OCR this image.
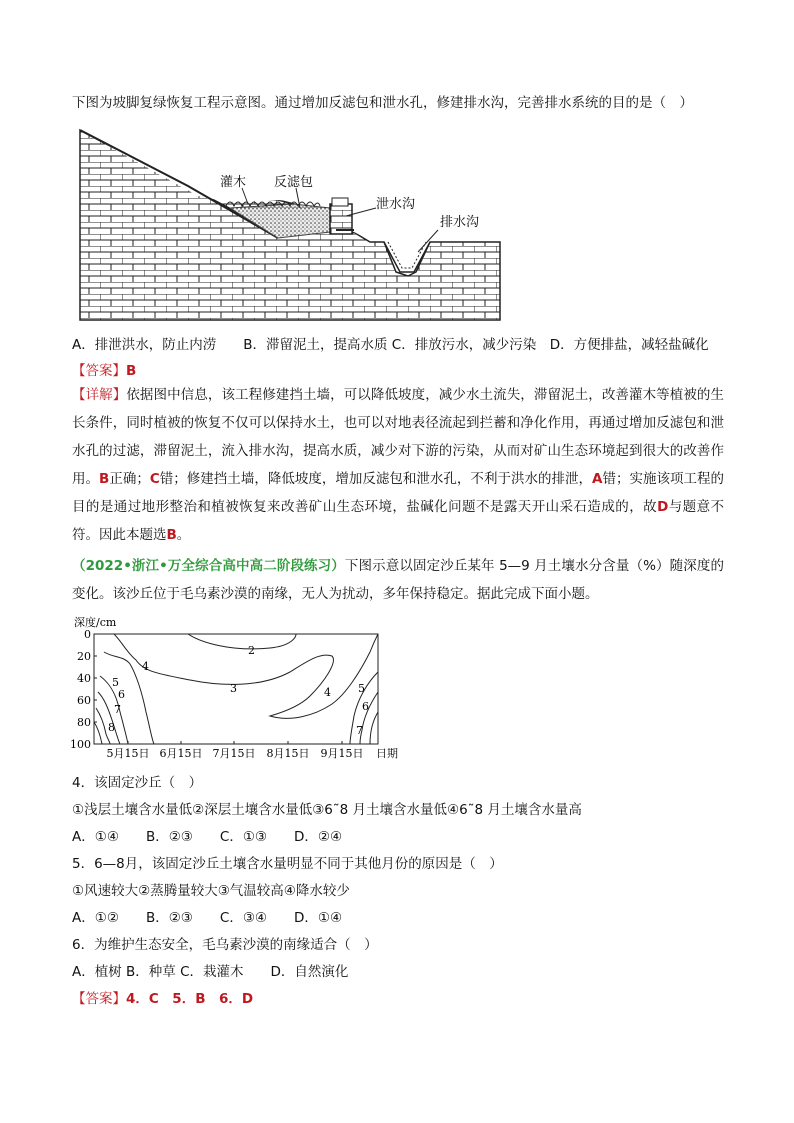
下图为坡脚复绿恢复工程示意图。通过增加反滤包和泄水孔，修建排水沟，完善排水系统的目的是（　）
灌木 反滤包
泄水沟
排水沟
A．排泄洪水，防止内涝　　B．滞留泥土，提高水质 C．排放污水，减少污染　D．方便排盐，减轻盐碱化
【答案】B
【详解】依据图中信息，该工程修建挡土墙，可以降低坡度，减少水土流失，滞留泥土，改善灌木等植被的生长条件，同时植被的恢复不仅可以保持水土，也可以对地表径流起到拦蓄和净化作用，再通过增加反滤包和泄水孔的过滤，滞留泥土，流入排水沟，提高水质，减少对下游的污染，从而对矿山生态环境起到很大的改善作用。B正确；C错；修建挡土墙，降低坡度，增加反滤包和泄水孔，不利于洪水的排泄，A错；实施该项工程的目的是通过地形整治和植被恢复来改善矿山生态环境，盐碱化问题不是露天开山采石造成的，故D与题意不符。因此本题选B。
（2022•浙江•万全综合高中高二阶段练习）下图示意以固定沙丘某年 5—9 月土壤水分含量（%）随深度的变化。该沙丘位于毛乌素沙漠的南缘，无人为扰动，多年保持稳定。据此完成下面小题。
深度/cm
0
20
40
60
80
100
5月15日 6月15日 7月15日 8月15日 9月15日 日期
2
3
4
4
5
6
7
8
5
6
7
4．该固定沙丘（　）
①浅层土壤含水量低②深层土壤含水量低③6˜8 月土壤含水量低④6˜8 月土壤含水量高
A．①④　　B．②③　　C．①③　　D．②④
5．6—8月，该固定沙丘土壤含水量明显不同于其他月份的原因是（　）
①风速较大②蒸腾量较大③气温较高④降水较少
A．①②　　B．②③　　C．③④　　D．①④
6．为维护生态安全，毛乌素沙漠的南缘适合（　）
A．植树 B．种草 C．栽灌木　　D．自然演化
【答案】4．C　5．B　6．D
